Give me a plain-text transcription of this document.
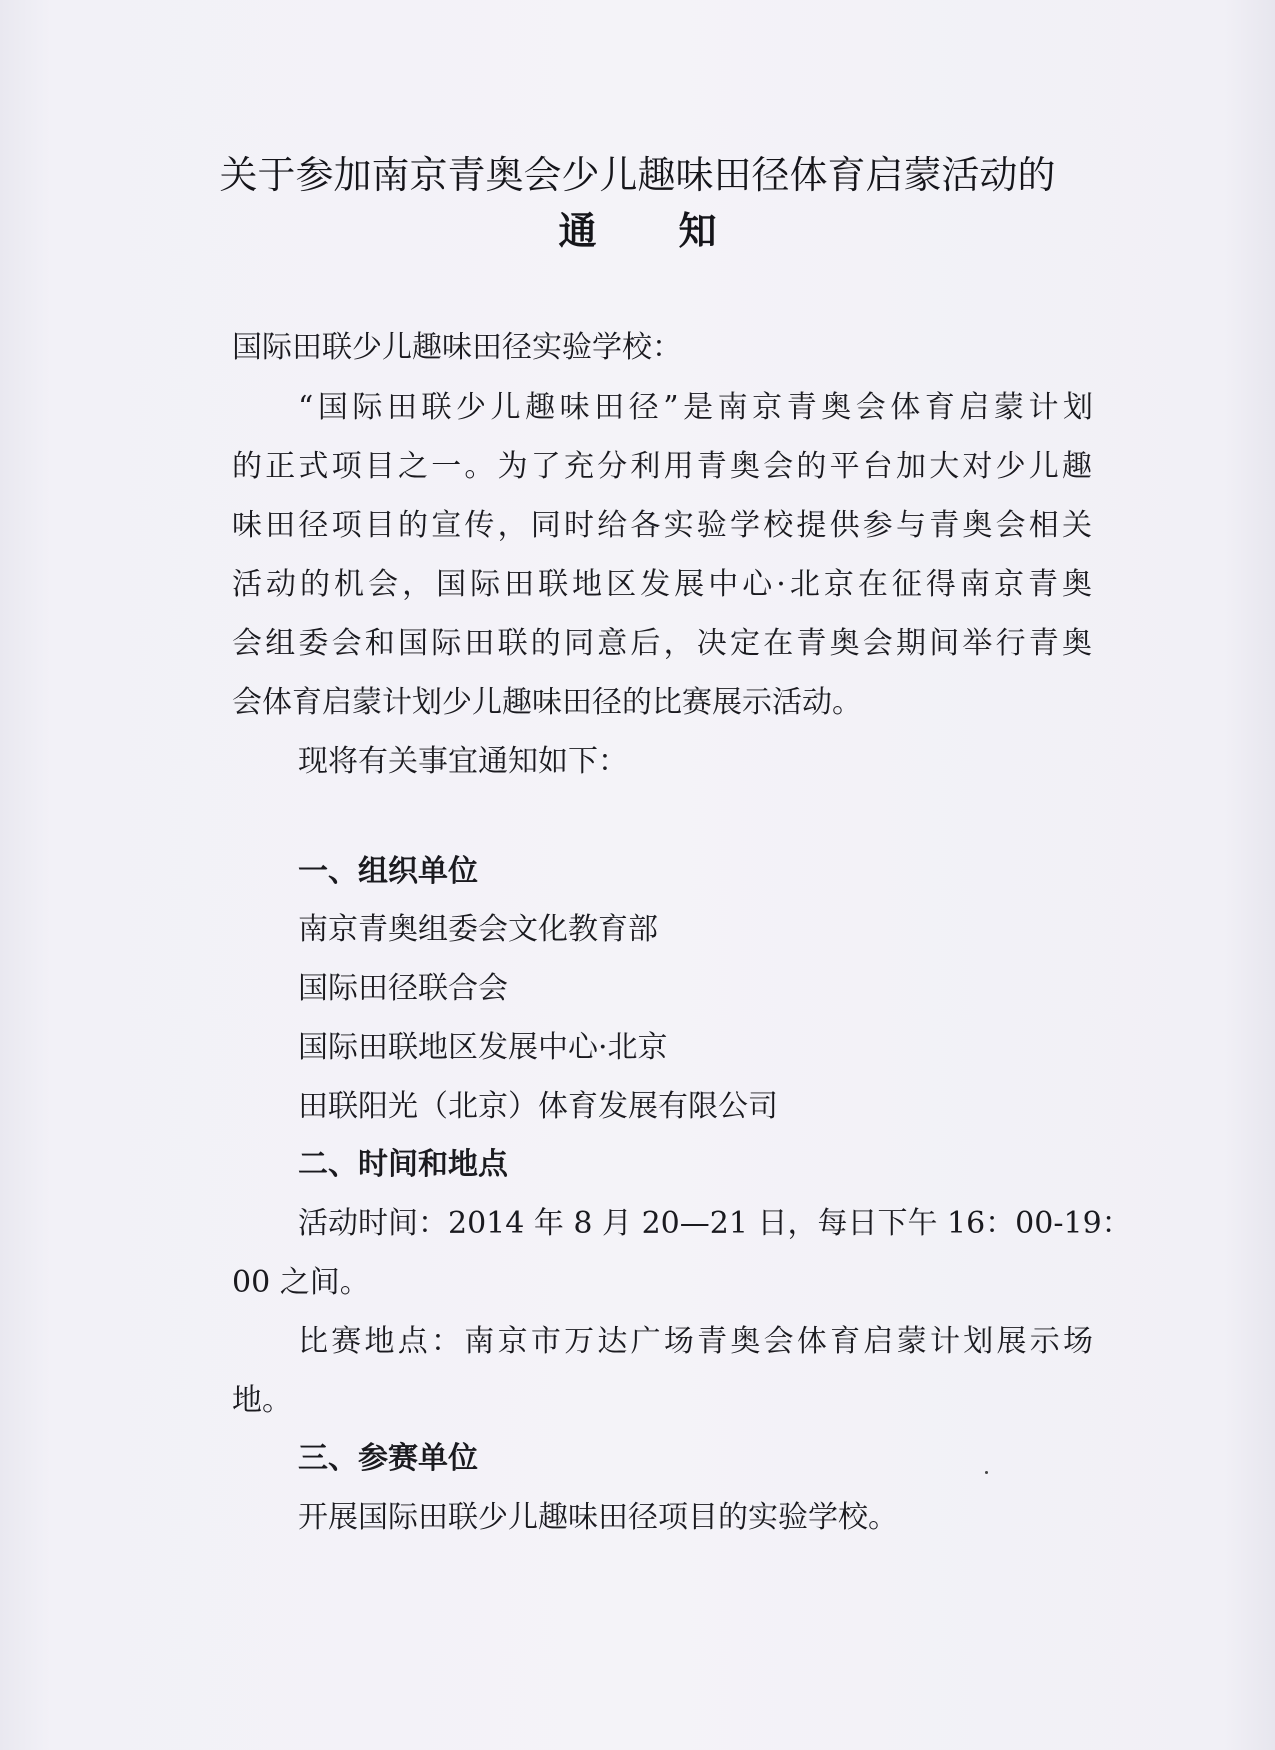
关于参加南京青奥会少儿趣味田径体育启蒙活动的
通知
国际田联少儿趣味田径实验学校：
“国际田联少儿趣味田径”是南京青奥会体育启蒙计划
的正式项目之一。为了充分利用青奥会的平台加大对少儿趣
味田径项目的宣传，同时给各实验学校提供参与青奥会相关
活动的机会，国际田联地区发展中心·北京在征得南京青奥
会组委会和国际田联的同意后，决定在青奥会期间举行青奥
会体育启蒙计划少儿趣味田径的比赛展示活动。
现将有关事宜通知如下：
一、组织单位
南京青奥组委会文化教育部
国际田径联合会
国际田联地区发展中心·北京
田联阳光（北京）体育发展有限公司
二、时间和地点
活动时间：2014 年 8 月 20—21 日，每日下午 16：00-19：
00 之间。
比赛地点：南京市万达广场青奥会体育启蒙计划展示场
地。
三、参赛单位
开展国际田联少儿趣味田径项目的实验学校。
